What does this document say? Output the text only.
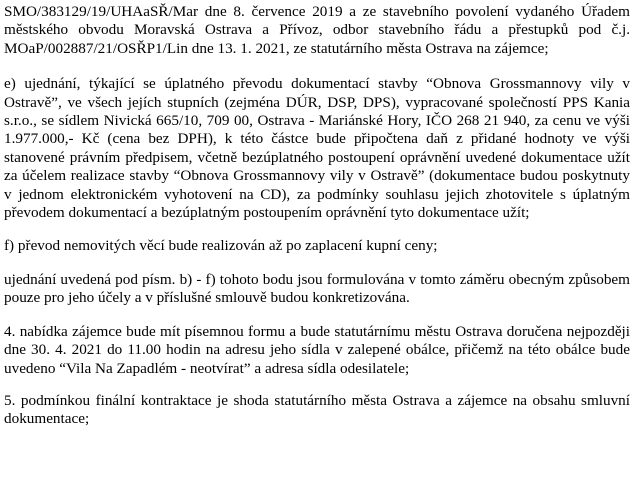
SMO/383129/19/UHAaSŘ/Mar dne 8. července 2019 a ze stavebního povolení vydaného Úřadem městského obvodu Moravská Ostrava a Přívoz, odbor stavebního řádu a přestupků pod č.j. MOaP/002887/21/OSŘP1/Lin dne 13. 1. 2021, ze statutárního města Ostrava na zájemce;

e) ujednání, týkající se úplatného převodu dokumentací stavby “Obnova Grossmannovy vily v Ostravě”, ve všech jejích stupních (zejména DÚR, DSP, DPS), vypracované společností PPS Kania s.r.o., se sídlem Nivická 665/10, 709 00, Ostrava - Mariánské Hory, IČO 268 21 940, za cenu ve výši 1.977.000,- Kč (cena bez DPH), k této částce bude připočtena daň z přidané hodnoty ve výši stanovené právním předpisem, včetně bezúplatného postoupení oprávnění uvedené dokumentace užít za účelem realizace stavby “Obnova Grossmannovy vily v Ostravě” (dokumentace budou poskytnuty v jednom elektronickém vyhotovení na CD), za podmínky souhlasu jejich zhotovitele s úplatným převodem dokumentací a bezúplatným postoupením oprávnění tyto dokumentace užít;

f) převod nemovitých věcí bude realizován až po zaplacení kupní ceny;

ujednání uvedená pod písm. b) - f) tohoto bodu jsou formulována v tomto záměru obecným způsobem pouze pro jeho účely a v příslušné smlouvě budou konkretizována.

4. nabídka zájemce bude mít písemnou formu a bude statutárnímu městu Ostrava doručena nejpozději dne 30. 4. 2021 do 11.00 hodin na adresu jeho sídla v zalepené obálce, přičemž na této obálce bude uvedeno “Vila Na Zapadlém - neotvírat” a adresa sídla odesilatele;

5. podmínkou finální kontraktace je shoda statutárního města Ostrava a zájemce na obsahu smluvní dokumentace;
